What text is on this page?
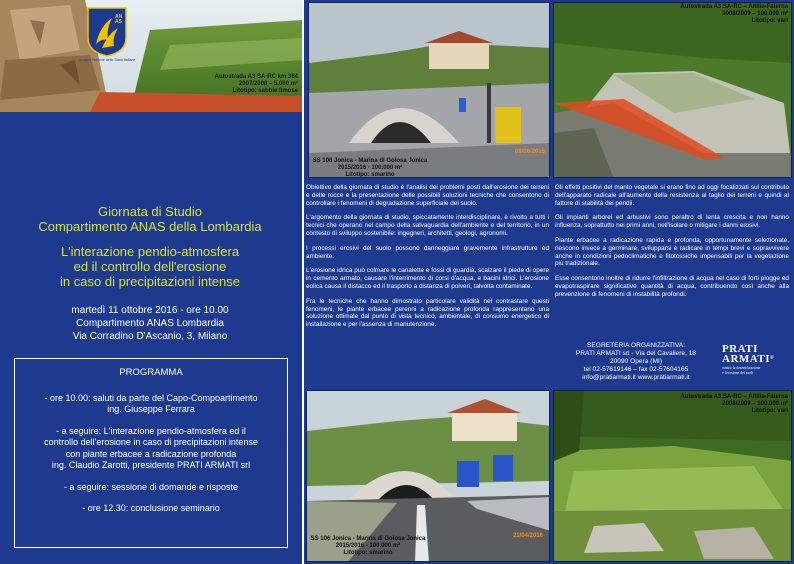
ANAS
Gruppo Ferrovie dello Stato Italiane
Autostrada A3 SA-RC km 364
2007/2008 – 5.000 m²
Litotipo: sabbie limose
Giornata di Studio
Compartimento ANAS della Lombardia
L'interazione pendio-atmosfera
ed il controllo dell'erosione
in caso di precipitazioni intense
martedì 11 ottobre 2016 - ore 10.00
Compartimento ANAS Lombardia
Via Corradino D'Ascanio, 3, Milano
PROGRAMMA
- ore 10.00: saluti da parte del Capo-Compoartimento
ing. Giuseppe Ferrara
- a seguire: L'interazione pendio-atmosfera ed il
controllo dell'erosione in caso di precipitazioni intense
con piante erbacee a radicazione profonda
ing. Claudio Zarotti, presidente PRATI ARMATI srl
- a seguire: sessione di domande e risposte
- ore 12.30: conclusione seminario
08/06/2015
SS 106 Jonica - Marina di Goiosa Jonica
2015/2016 - 100.000 m²
Litotipo: smarino
Autostrada A3 SA-RC – Altilia-Falerna
2008/2009 – 100.000 m²
Litotipo: vari

Obiettivo della giornata di studio è l'analisi dei problemi posti dall'erosione dei terreni e delle rocce e la presentazione delle possibili soluzioni tecniche che consentono di controllare i fenomeni di degradazione superficiale del suolo.

L'argomento della giornata di studio, spiccatamente interdisciplinare, è rivolto a tutti i tecnici che operano nel campo della salvaguardia dell'ambiente e del territorio, in un contesto di sviluppo sostenibile: ingegneri, architetti, geologi, agronomi.

I processi erosivi del suolo possono danneggiare gravemente infrastrutture ed ambiente.

L'erosione idrica può colmare le canalette e fossi di guardia, scalzare il piede di opere in cemento armato, causare l'interrimento di corsi d'acqua, e bacini idrici. L'erosione eolica causa il distacco ed il trasporto a distanza di polveri, talvolta contaminate.

Fra le tecniche che hanno dimostrato particolare validità nel contrastare questi fenomeni, le piante erbacee perenni a radicazione profonda rappresentano una soluzione ottimale dal punto di vista tecnico, ambientale, di consumo energetico di installazione e per l'assenza di manutenzione.

Gli effetti positivi del manto vegetale si erano fino ad oggi focalizzati sul contributo dell'apparato radicale all'aumento della resistenza al taglio dei terreni e quindi al fattore di stabilità dei pendii.

Gli impianti arborei ed arbustivi sono peraltro di lenta crescita e non hanno influenza, soprattutto nei primi anni, nell'isolare o mitigare i danni erosivi.

Piante erbacee a radicazione rapida e profonda, opportunamente selezionate, riescono invece a germinare, svilupparsi e radicare in tempi brevi e sopravvivere anche in condizioni pedoclimatiche e fitotossiche impensabili per la vegetazione più tradizionale.

Esse consentono inoltre di ridurre l'infiltrazione di acqua nel caso di forti piogge ed evapotraspirare significative quantità di acqua, contribuendo così anche alla prevenzione di fenomeni di instabilità profondi.

SEGRETERIA ORGANIZZATIVA:
PRATI ARMATI srl - Via del Cavaliere, 18
20090 Opera (MI)
tel 02-57619146 – fax 02-57604165
info@pratiarmati.it www.pratiarmati.it
PRATI
ARMATI®
contro la desertificazione
e l'erosione dei suoli
21/04/2016
SS 106 Jonica - Marina di Goiosa Jonica
2015/2016 - 100.000 m²
Litotipo: smarino
Autostrada A3 SA-RC – Altilia-Falerna
2008/2009 – 100.000 m²
Litotipo: vari
